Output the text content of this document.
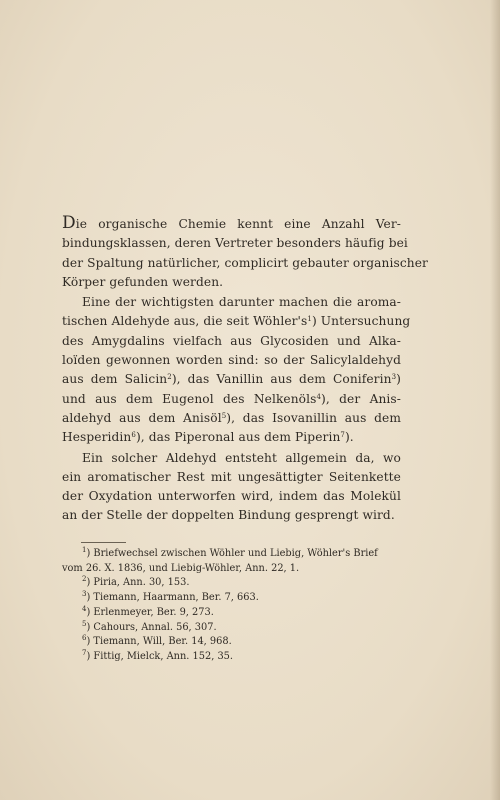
Die organische Chemie kennt eine Anzahl Ver-
bindungsklassen, deren Vertreter besonders häufig bei
der Spaltung natürlicher, complicirt gebauter organischer
Körper gefunden werden.
Eine der wichtigsten darunter machen die aroma-
tischen Aldehyde aus, die seit $Wöhler's^1$) Untersuchung
des Amygdalins vielfach aus Glycosiden und Alka-
loïden gewonnen worden sind: so der Salicylaldehyd
aus dem Salicin$^2$), das Vanillin aus dem Coniferin$^3$)
und aus dem Eugenol des Nelkenöls$^4$), der Anis-
aldehyd aus dem Anisöl$^5$), das Isovanillin aus dem
Hesperidin$^6$), das Piperonal aus dem Piperin$^7$).
Ein solcher Aldehyd entsteht allgemein da, wo
ein aromatischer Rest mit ungesättigter Seitenkette
der Oxydation unterworfen wird, indem das Molekül
an der Stelle der doppelten Bindung gesprengt wird.
$^1$) Briefwechsel zwischen Wöhler und Liebig, Wöhler's Brief
vom 26. X. 1836, und Liebig-Wöhler, Ann. 22, 1.
$^2$) Piria, Ann. 30, 153.
$^3$) Tiemann, Haarmann, Ber. 7, 663.
$^4$) Erlenmeyer, Ber. 9, 273.
$^5$) Cahours, Annal. 56, 307.
$^6$) Tiemann, Will, Ber. 14, 968.
$^7$) Fittig, Mielck, Ann. 152, 35.
